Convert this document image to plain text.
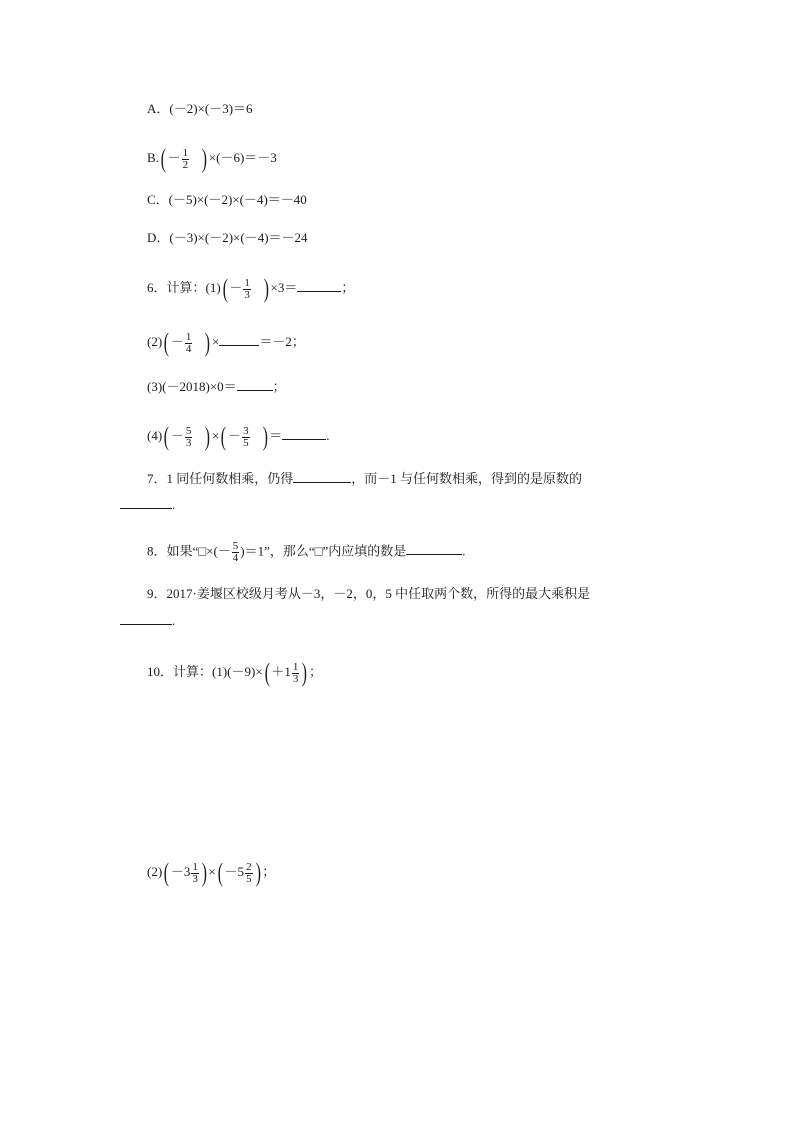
A．(－2)×(－3)＝6
$B.( - \frac{1}{2}$ ) ×(－6)＝－3
C．(－5)×(－2)×(－4)＝－40
D．(－3)×(－2)×(－4)＝－24
6．计算：$(1)( - \frac{1}{3}$ ) ×3＝	；
$(2)( - \frac{1}{4}$ ) ×	＝－2；
(3)(－2018)×0＝	；
$(4)( - \frac{5}{3}$ ) ×( － $\frac{3}{5}$ ) ＝	.
7．1 同任何数相乘，仍得	，而－1 与任何数相乘，得到的是原数的
.
8．如果“□×(－ $\frac{5}{4} )=1$”，那么“□”内应填的数是	.
9．2017·姜堰区校级月考从－3，－2，0，5 中任取两个数，所得的最大乘积是
.
10．计算：$(1)(-9)\times( +1 \frac{1}{3}$ ) ；
$(2)( -3 \frac{1}{3}$ ) ×( $-5 \frac{2}{5}$ ) ；
